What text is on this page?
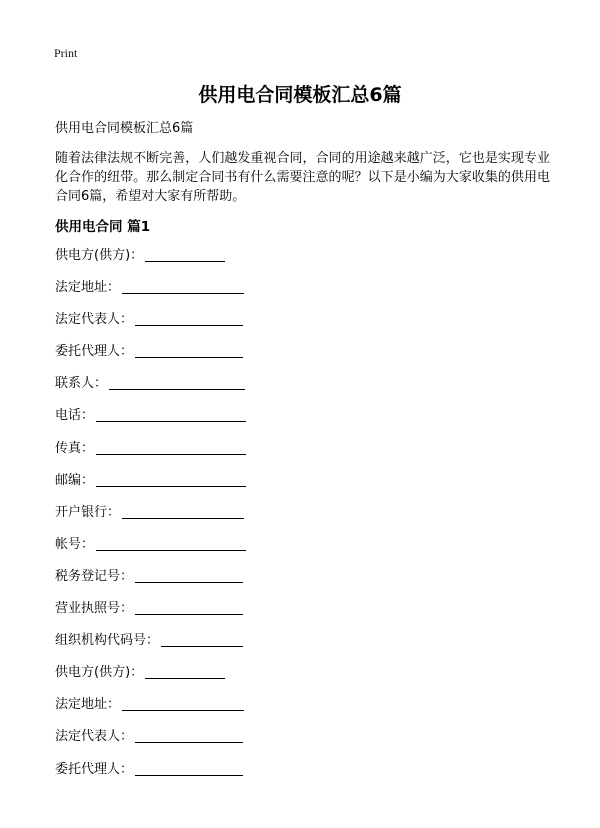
Print
供用电合同模板汇总6篇
供用电合同模板汇总6篇
随着法律法规不断完善，人们越发重视合同，合同的用途越来越广泛，它也是实现专业化合作的纽带。那么制定合同书有什么需要注意的呢？以下是小编为大家收集的供用电合同6篇，希望对大家有所帮助。
供用电合同 篇1
供电方(供方)：
法定地址：
法定代表人：
委托代理人：
联系人：
电话：
传真：
邮编：
开户银行：
帐号：
税务登记号：
营业执照号：
组织机构代码号：
供电方(供方)：
法定地址：
法定代表人：
委托代理人：
